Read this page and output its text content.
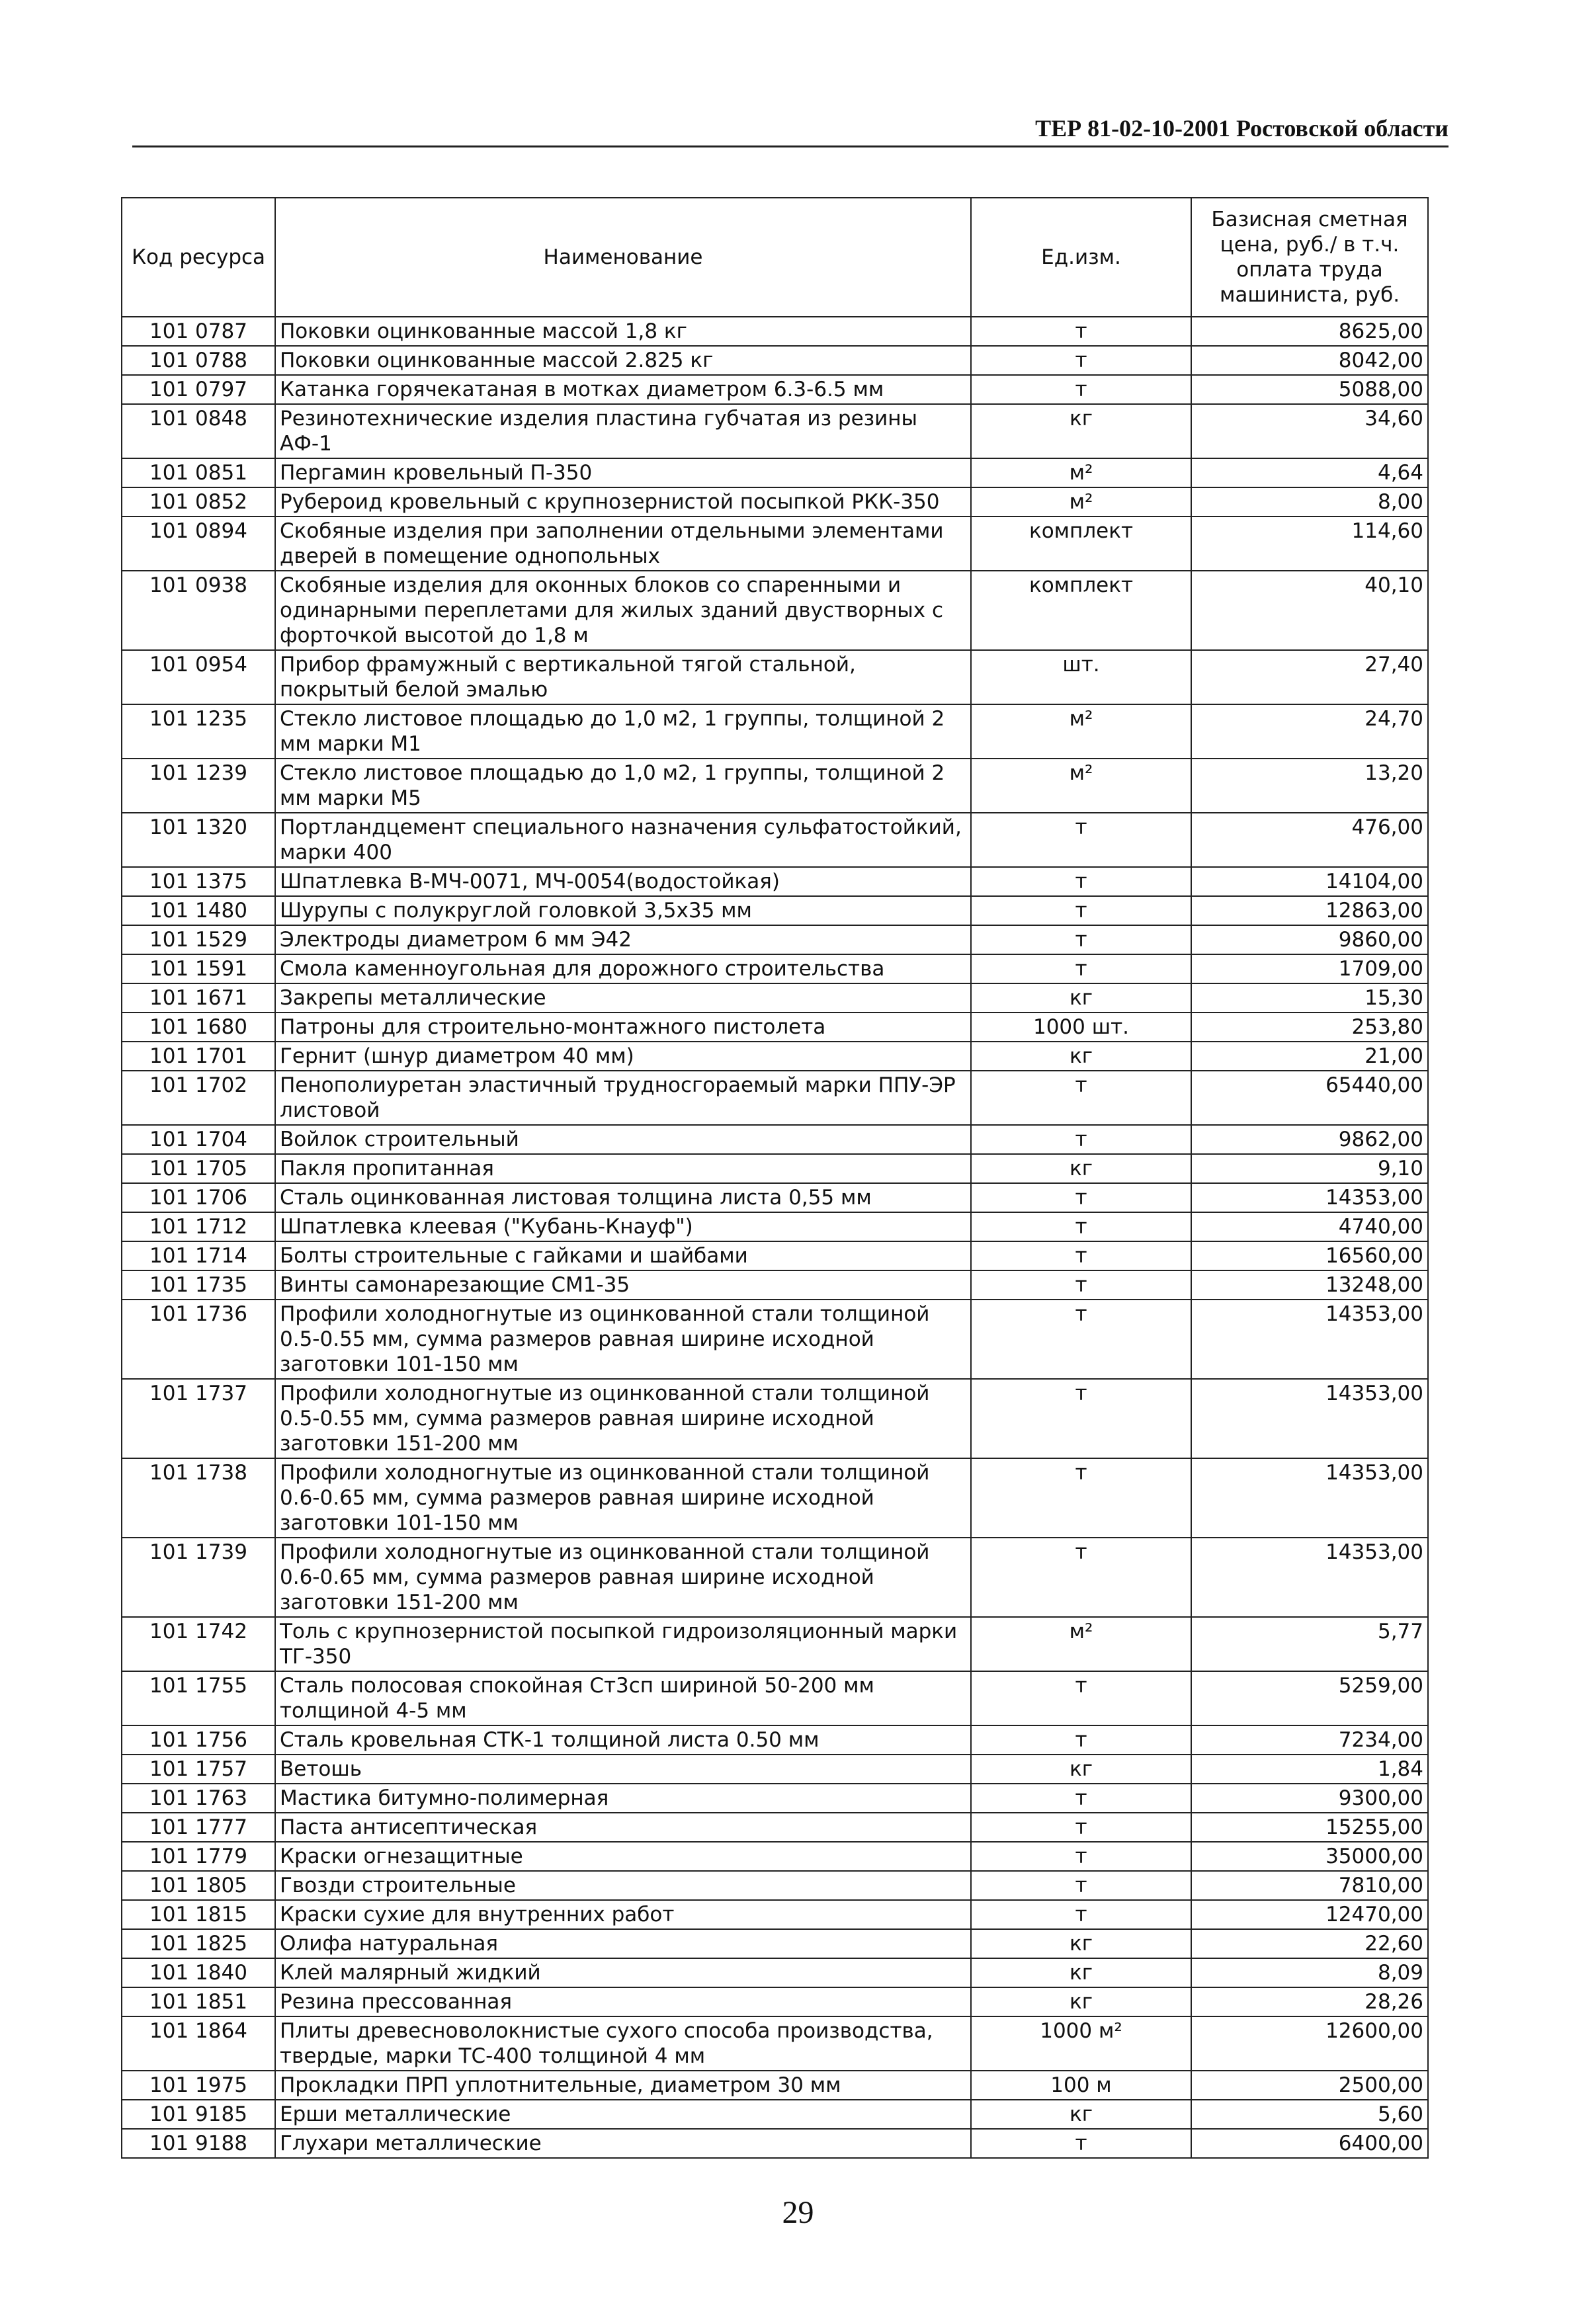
ТЕР 81-02-10-2001 Ростовской области
Код ресурса	Наименование	Ед.изм.	Базисная сметная цена, руб./ в т.ч. оплата труда машиниста, руб.
101 0787	Поковки оцинкованные массой 1,8 кг	т	8625,00
101 0788	Поковки оцинкованные массой 2.825 кг	т	8042,00
101 0797	Катанка горячекатаная в мотках диаметром 6.3-6.5 мм	т	5088,00
101 0848	Резинотехнические изделия пластина губчатая из резины АФ-1	кг	34,60
101 0851	Пергамин кровельный П-350	м²	4,64
101 0852	Рубероид кровельный с крупнозернистой посыпкой РКК-350	м²	8,00
101 0894	Скобяные изделия при заполнении отдельными элементами дверей в помещение однопольных	комплект	114,60
101 0938	Скобяные изделия для оконных блоков со спаренными и одинарными переплетами для жилых зданий двустворных с форточкой высотой до 1,8 м	комплект	40,10
101 0954	Прибор фрамужный с вертикальной тягой стальной, покрытый белой эмалью	шт.	27,40
101 1235	Стекло листовое площадью до 1,0 м2, 1 группы, толщиной 2 мм марки М1	м²	24,70
101 1239	Стекло листовое площадью до 1,0 м2, 1 группы, толщиной 2 мм марки М5	м²	13,20
101 1320	Портландцемент специального назначения сульфатостойкий, марки 400	т	476,00
101 1375	Шпатлевка В-МЧ-0071, МЧ-0054(водостойкая)	т	14104,00
101 1480	Шурупы с полукруглой головкой 3,5х35 мм	т	12863,00
101 1529	Электроды диаметром 6 мм Э42	т	9860,00
101 1591	Смола каменноугольная для дорожного строительства	т	1709,00
101 1671	Закрепы металлические	кг	15,30
101 1680	Патроны для строительно-монтажного пистолета	1000 шт.	253,80
101 1701	Гернит (шнур диаметром 40 мм)	кг	21,00
101 1702	Пенополиуретан эластичный трудносгораемый марки ППУ-ЭР листовой	т	65440,00
101 1704	Войлок строительный	т	9862,00
101 1705	Пакля пропитанная	кг	9,10
101 1706	Сталь оцинкованная листовая толщина листа 0,55 мм	т	14353,00
101 1712	Шпатлевка клеевая ("Кубань-Кнауф")	т	4740,00
101 1714	Болты строительные с гайками и шайбами	т	16560,00
101 1735	Винты самонарезающие СМ1-35	т	13248,00
101 1736	Профили холодногнутые из оцинкованной стали толщиной 0.5-0.55 мм, сумма размеров равная ширине исходной заготовки 101-150 мм	т	14353,00
101 1737	Профили холодногнутые из оцинкованной стали толщиной 0.5-0.55 мм, сумма размеров равная ширине исходной заготовки 151-200 мм	т	14353,00
101 1738	Профили холодногнутые из оцинкованной стали толщиной 0.6-0.65 мм, сумма размеров равная ширине исходной заготовки 101-150 мм	т	14353,00
101 1739	Профили холодногнутые из оцинкованной стали толщиной 0.6-0.65 мм, сумма размеров равная ширине исходной заготовки 151-200 мм	т	14353,00
101 1742	Толь с крупнозернистой посыпкой гидроизоляционный марки ТГ-350	м²	5,77
101 1755	Сталь полосовая спокойная Ст3сп шириной 50-200 мм толщиной 4-5 мм	т	5259,00
101 1756	Сталь кровельная СТК-1 толщиной листа 0.50 мм	т	7234,00
101 1757	Ветошь	кг	1,84
101 1763	Мастика битумно-полимерная	т	9300,00
101 1777	Паста антисептическая	т	15255,00
101 1779	Краски огнезащитные	т	35000,00
101 1805	Гвозди строительные	т	7810,00
101 1815	Краски сухие для внутренних работ	т	12470,00
101 1825	Олифа натуральная	кг	22,60
101 1840	Клей малярный жидкий	кг	8,09
101 1851	Резина прессованная	кг	28,26
101 1864	Плиты древесноволокнистые сухого способа производства, твердые, марки ТС-400 толщиной 4 мм	1000 м²	12600,00
101 1975	Прокладки ПРП уплотнительные, диаметром 30 мм	100 м	2500,00
101 9185	Ерши металлические	кг	5,60
101 9188	Глухари металлические	т	6400,00
29
